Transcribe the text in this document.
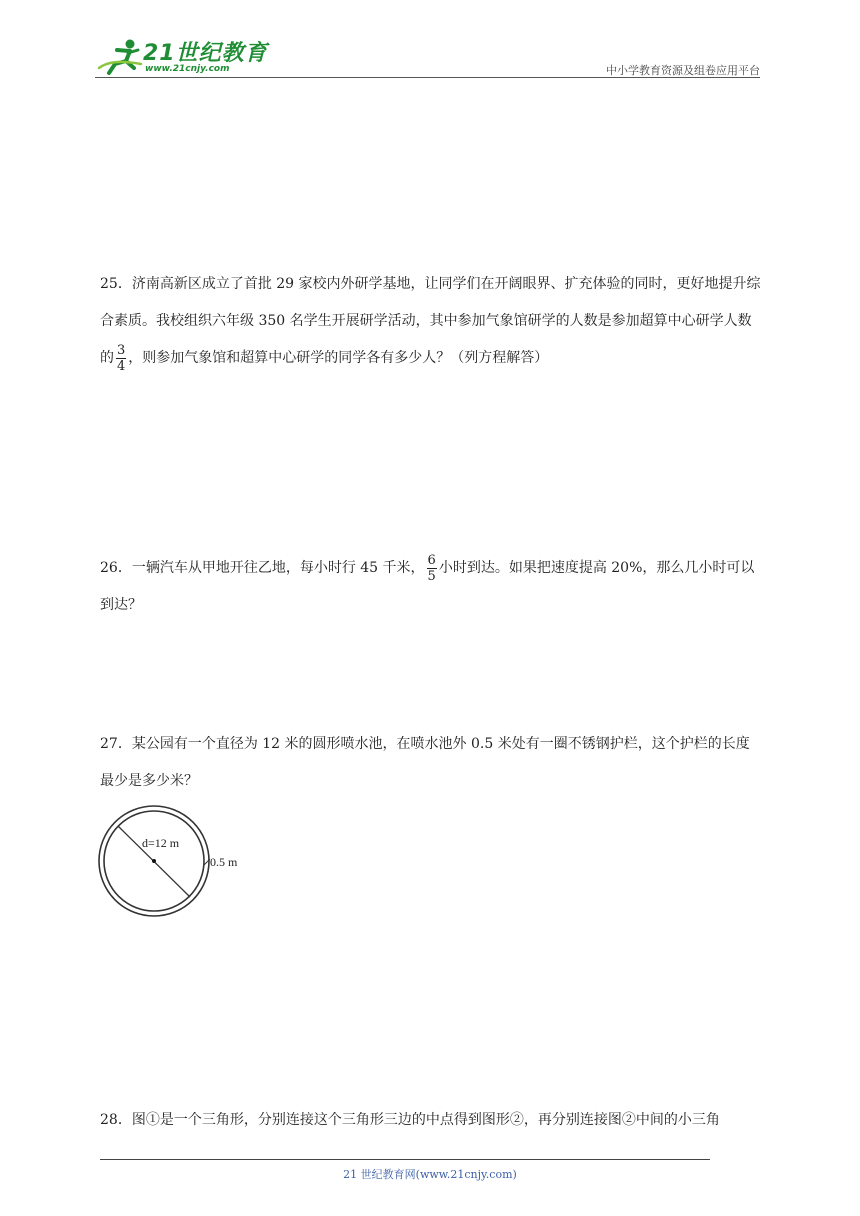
21世纪教育
www.21cnjy.com	中小学教育资源及组卷应用平台

25．济南高新区成立了首批 29 家校内外研学基地，让同学们在开阔眼界、扩充体验的同时，更好地提升综合素质。我校组织六年级 350 名学生开展研学活动，其中参加气象馆研学的人数是参加超算中心研学人数的 $\frac{3}{4}$ ，则参加气象馆和超算中心研学的同学各有多少人？（列方程解答）

26．一辆汽车从甲地开往乙地，每小时行 45 千米， $\frac{6}{5}$ 小时到达。如果把速度提高 20%，那么几小时可以到达？

27．某公园有一个直径为 12 米的圆形喷水池，在喷水池外 0.5 米处有一圈不锈钢护栏，这个护栏的长度最少是多少米？

d=12 m
0.5 m

28．图①是一个三角形，分别连接这个三角形三边的中点得到图形②，再分别连接图②中间的小三角

21 世纪教育网(www.21cnjy.com)
